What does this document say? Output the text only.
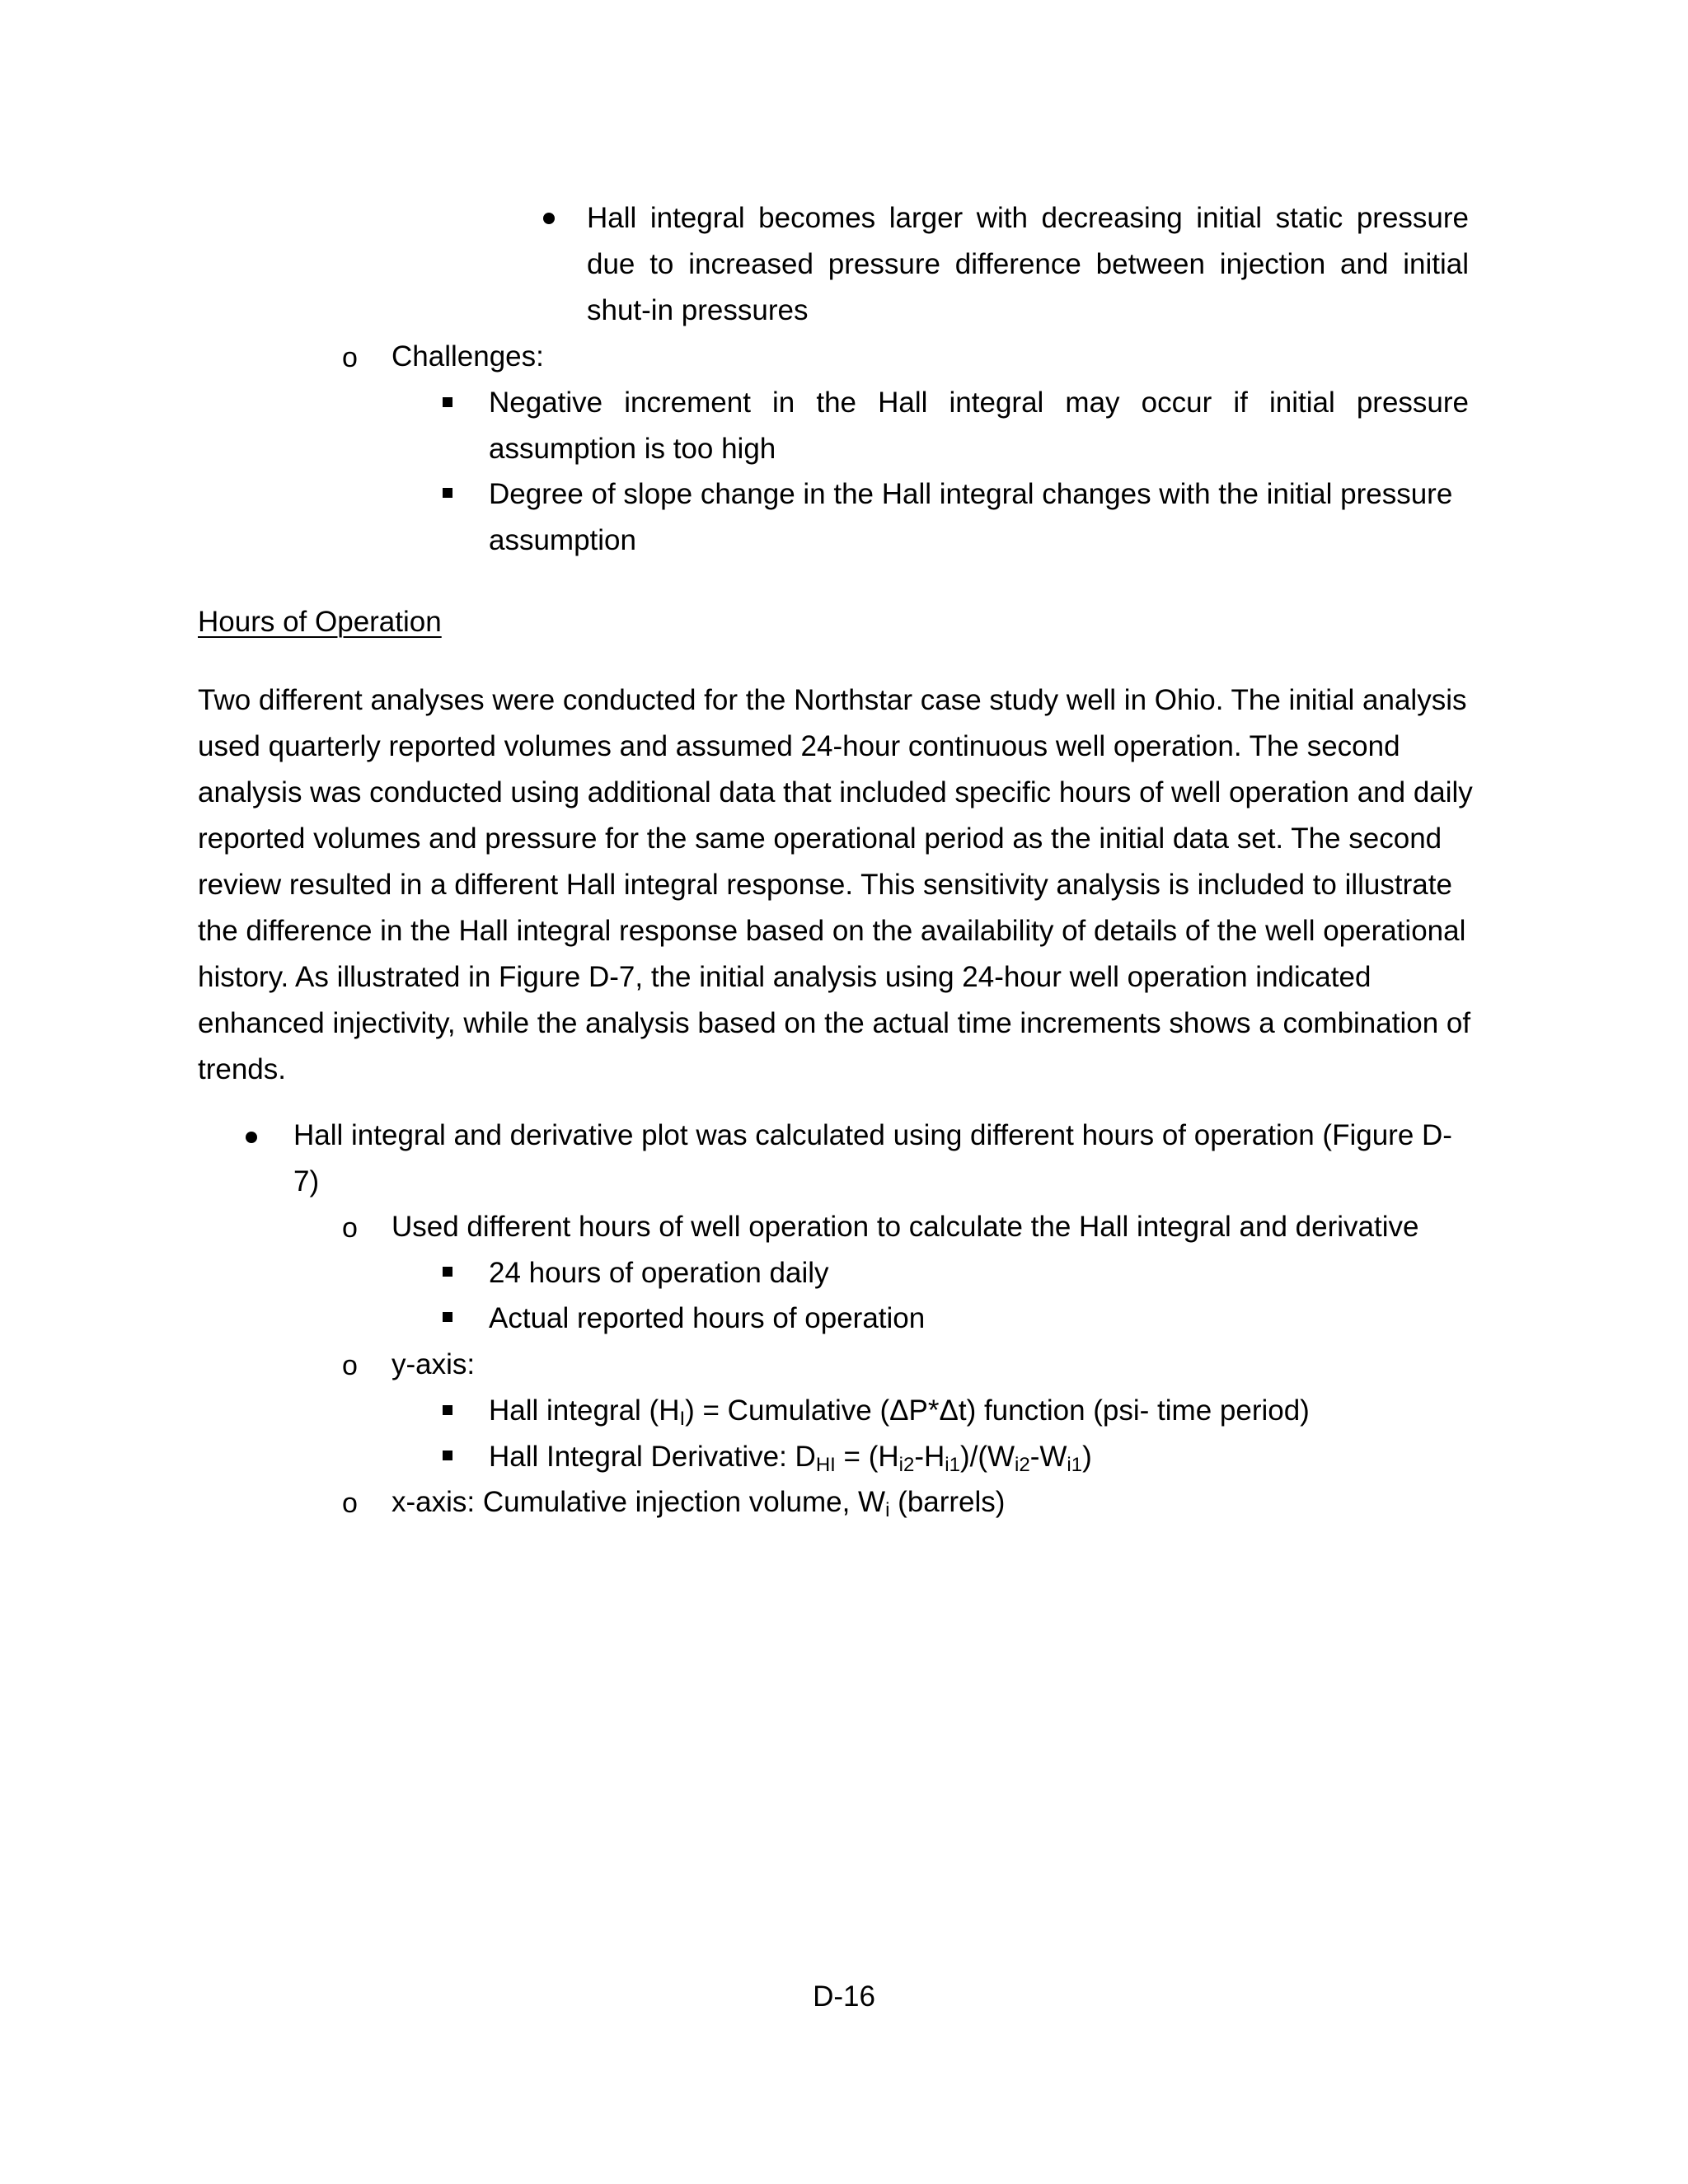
Hall integral becomes larger with decreasing initial static pressure due to increased pressure difference between injection and initial shut-in pressures

o Challenges:

Negative increment in the Hall integral may occur if initial pressure assumption is too high

Degree of slope change in the Hall integral changes with the initial pressure assumption

Hours of Operation

Two different analyses were conducted for the Northstar case study well in Ohio. The initial analysis used quarterly reported volumes and assumed 24-hour continuous well operation. The second analysis was conducted using additional data that included specific hours of well operation and daily reported volumes and pressure for the same operational period as the initial data set. The second review resulted in a different Hall integral response. This sensitivity analysis is included to illustrate the difference in the Hall integral response based on the availability of details of the well operational history. As illustrated in Figure D-7, the initial analysis using 24-hour well operation indicated enhanced injectivity, while the analysis based on the actual time increments shows a combination of trends.

Hall integral and derivative plot was calculated using different hours of operation (Figure D-7)

o Used different hours of well operation to calculate the Hall integral and derivative

24 hours of operation daily

Actual reported hours of operation

o y-axis:

Hall integral $(H_I)$ = Cumulative (ΔP*Δt) function (psi- time period)

Hall Integral Derivative: $D_{HI} = (H_{i2}-H_{i1})/(W_{i2}-W_{i1})$

o x-axis: Cumulative injection volume, $W_i$ (barrels)

D-16
